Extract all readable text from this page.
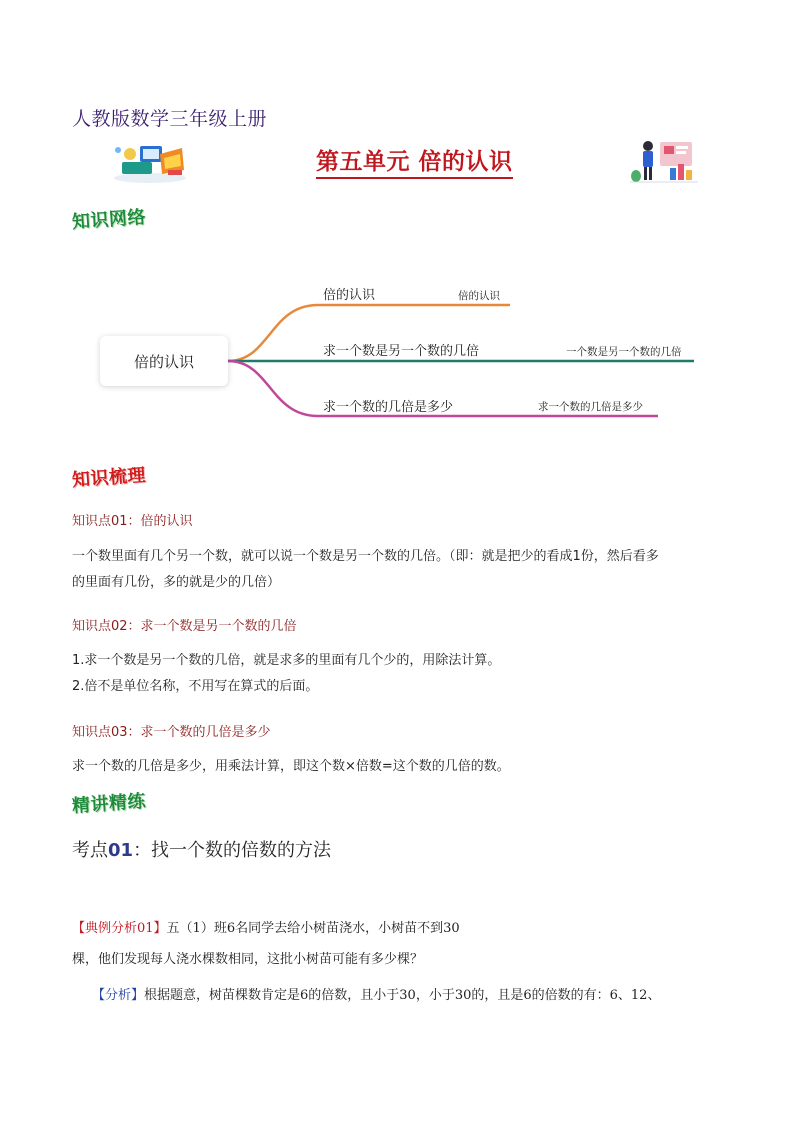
人教版数学三年级上册
第五单元 倍的认识
知识网络
倍的认识
倍的认识	倍的认识
求一个数是另一个数的几倍	一个数是另一个数的几倍
求一个数的几倍是多少	求一个数的几倍是多少
知识梳理
知识点01：倍的认识
一个数里面有几个另一个数，就可以说一个数是另一个数的几倍。（即：就是把少的看成1份，然后看多
的里面有几份，多的就是少的几倍）
知识点02：求一个数是另一个数的几倍
1.求一个数是另一个数的几倍，就是求多的里面有几个少的，用除法计算。
2.倍不是单位名称，不用写在算式的后面。
知识点03：求一个数的几倍是多少
求一个数的几倍是多少，用乘法计算，即这个数×倍数=这个数的几倍的数。
精讲精练
考点01：找一个数的倍数的方法
【典例分析01】五（1）班6名同学去给小树苗浇水，小树苗不到30
棵，他们发现每人浇水棵数相同，这批小树苗可能有多少棵？
【分析】根据题意，树苗棵数肯定是6的倍数，且小于30，小于30的，且是6的倍数的有：6、12、
